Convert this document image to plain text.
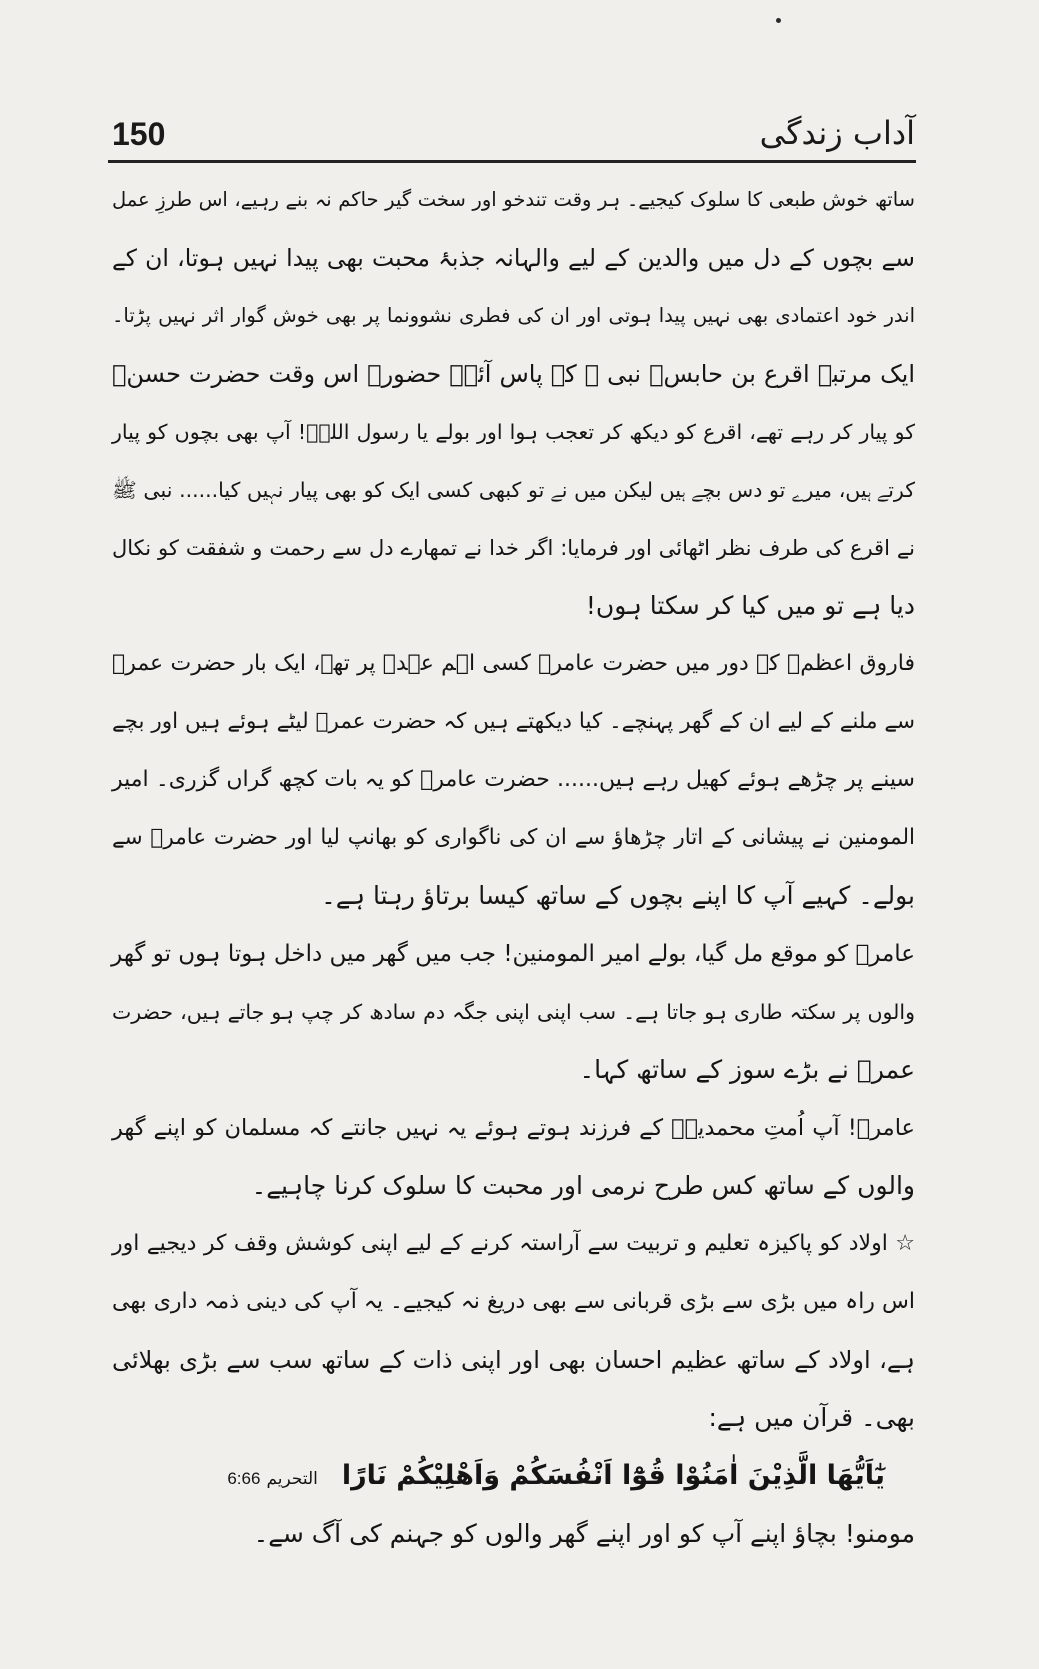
150	آداب زندگی
ساتھ خوش طبعی کا سلوک کیجیے۔ ہر وقت تندخو اور سخت گیر حاکم نہ بنے رہیے، اس طرزِ عمل
سے بچوں کے دل میں والدین کے لیے والہانہ جذبۂ محبت بھی پیدا نہیں ہوتا، ان کے
اندر خود اعتمادی بھی نہیں پیدا ہوتی اور ان کی فطری نشوونما پر بھی خوش گوار اثر نہیں پڑتا۔
ایک مرتبہ اقرع بن حابسؓ نبی ﷺ کے پاس آئے۔ حضورؐ اس وقت حضرت حسنؓ
کو پیار کر رہے تھے، اقرع کو دیکھ کر تعجب ہوا اور بولے یا رسول اللہؐ! آپ بھی بچوں کو پیار
کرتے ہیں، میرے تو دس بچے ہیں لیکن میں نے تو کبھی کسی ایک کو بھی پیار نہیں کیا...... نبی ﷺ
نے اقرع کی طرف نظر اٹھائی اور فرمایا: اگر خدا نے تمھارے دل سے رحمت و شفقت کو نکال
دیا ہے تو میں کیا کر سکتا ہوں!
فاروق اعظمؓ کے دور میں حضرت عامرؓ کسی اہم عہدے پر تھے، ایک بار حضرت عمرؓ
سے ملنے کے لیے ان کے گھر پہنچے۔ کیا دیکھتے ہیں کہ حضرت عمرؓ لیٹے ہوئے ہیں اور بچے
سینے پر چڑھے ہوئے کھیل رہے ہیں...... حضرت عامرؓ کو یہ بات کچھ گراں گزری۔ امیر
المومنین نے پیشانی کے اتار چڑھاؤ سے ان کی ناگواری کو بھانپ لیا اور حضرت عامرؓ سے
بولے۔ کہیے آپ کا اپنے بچوں کے ساتھ کیسا برتاؤ رہتا ہے۔
عامرؓ کو موقع مل گیا، بولے امیر المومنین! جب میں گھر میں داخل ہوتا ہوں تو گھر
والوں پر سکتہ طاری ہو جاتا ہے۔ سب اپنی اپنی جگہ دم سادھ کر چپ ہو جاتے ہیں، حضرت
عمرؓ نے بڑے سوز کے ساتھ کہا۔
عامرؓ! آپ اُمتِ محمدیہؐ کے فرزند ہوتے ہوئے یہ نہیں جانتے کہ مسلمان کو اپنے گھر
والوں کے ساتھ کس طرح نرمی اور محبت کا سلوک کرنا چاہیے۔
☆ اولاد کو پاکیزہ تعلیم و تربیت سے آراستہ کرنے کے لیے اپنی کوشش وقف کر دیجیے اور
اس راہ میں بڑی سے بڑی قربانی سے بھی دریغ نہ کیجیے۔ یہ آپ کی دینی ذمہ داری بھی
ہے، اولاد کے ساتھ عظیم احسان بھی اور اپنی ذات کے ساتھ سب سے بڑی بھلائی
بھی۔ قرآن میں ہے:
يٰٓاَيُّهَا الَّذِيْنَ اٰمَنُوْا قُوْٓا اَنْفُسَكُمْ وَاَهْلِيْكُمْ نَارًا التحریم6:66
مومنو! بچاؤ اپنے آپ کو اور اپنے گھر والوں کو جہنم کی آگ سے۔
